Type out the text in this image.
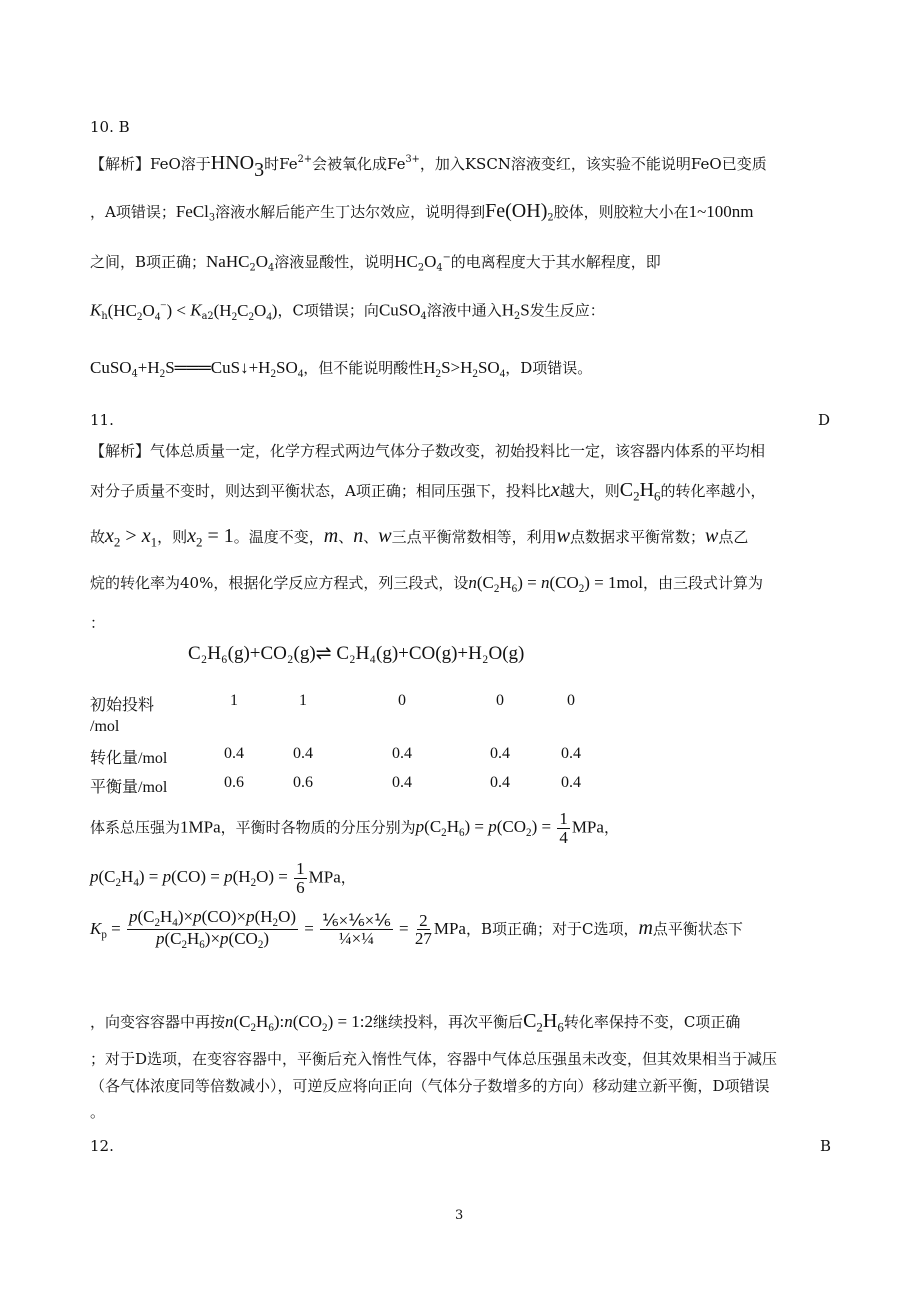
10. B
【解析】FeO溶于$HNO_3$时$Fe^{2+}$会被氧化成$Fe^{3+}$，加入KSCN溶液变红，该实验不能说明FeO已变质
，A项错误；FeCl$_3$溶液水解后能产生丁达尔效应，说明得到$Fe(OH)_2$胶体，则胶粒大小在1~100nm
之间，B项正确；$NaHC_2O_4$溶液显酸性，说明$HC_2O_4^-$的电离程度大于其水解程度，即
$K_h(HC_2O_4^-) < K_{a2}(H_2C_2O_4)$，C项错误；向CuSO$_4$溶液中通入$H_2S$发生反应：
$CuSO_4+H_2S═══CuS↓+H_2SO_4$，但不能说明酸性$H_2S>H_2SO_4$，D项错误。
11.	D
【解析】气体总质量一定，化学方程式两边气体分子数改变，初始投料比一定，该容器内体系的平均相
对分子质量不变时，则达到平衡状态，A项正确；相同压强下，投料比x越大，则$C_2H_6$的转化率越小，
故$x_2 > x_1$，则$x_2 = 1$。温度不变，m、n、w三点平衡常数相等，利用w点数据求平衡常数；w点乙
烷的转化率为40%，根据化学反应方程式，列三段式，设$n(C_2H_6) = n(CO_2) = 1mol$，由三段式计算为
：
C₂H₆(g)+CO₂(g)⇌ C₂H₄(g)+CO(g)+H₂O(g)
初始投料	1	1	0	0	0
/mol
转化量/mol	0.4	0.4	0.4	0.4	0.4
平衡量/mol	0.6	0.6	0.4	0.4	0.4
体系总压强为1MPa，平衡时各物质的分压分别为$p(C_2H_6) = p(CO_2) = \frac{1}{4}$ MPa，
$p(C_2H_4) = p(CO) = p(H_2O) = \frac{1}{6}$ MPa，
$K_p = \frac{p(C_2H_4)\times p(CO)\times p(H_2O)}{p(C_2H_6)\times p(CO_2)} = \frac{\text{⅙×⅙×⅙}}{\text{¼×¼}} = \frac{2}{27}$ MPa，B项正确；对于C选项，m点平衡状态下
，向变容容器中再按$n(C_2H_6):n(CO_2)$ = 1:2继续投料，再次平衡后$C_2H_6$转化率保持不变，C项正确
；对于D选项，在变容容器中，平衡后充入惰性气体，容器中气体总压强虽未改变，但其效果相当于减压
（各气体浓度同等倍数减小），可逆反应将向正向（气体分子数增多的方向）移动建立新平衡，D项错误
。
12.	B
3
